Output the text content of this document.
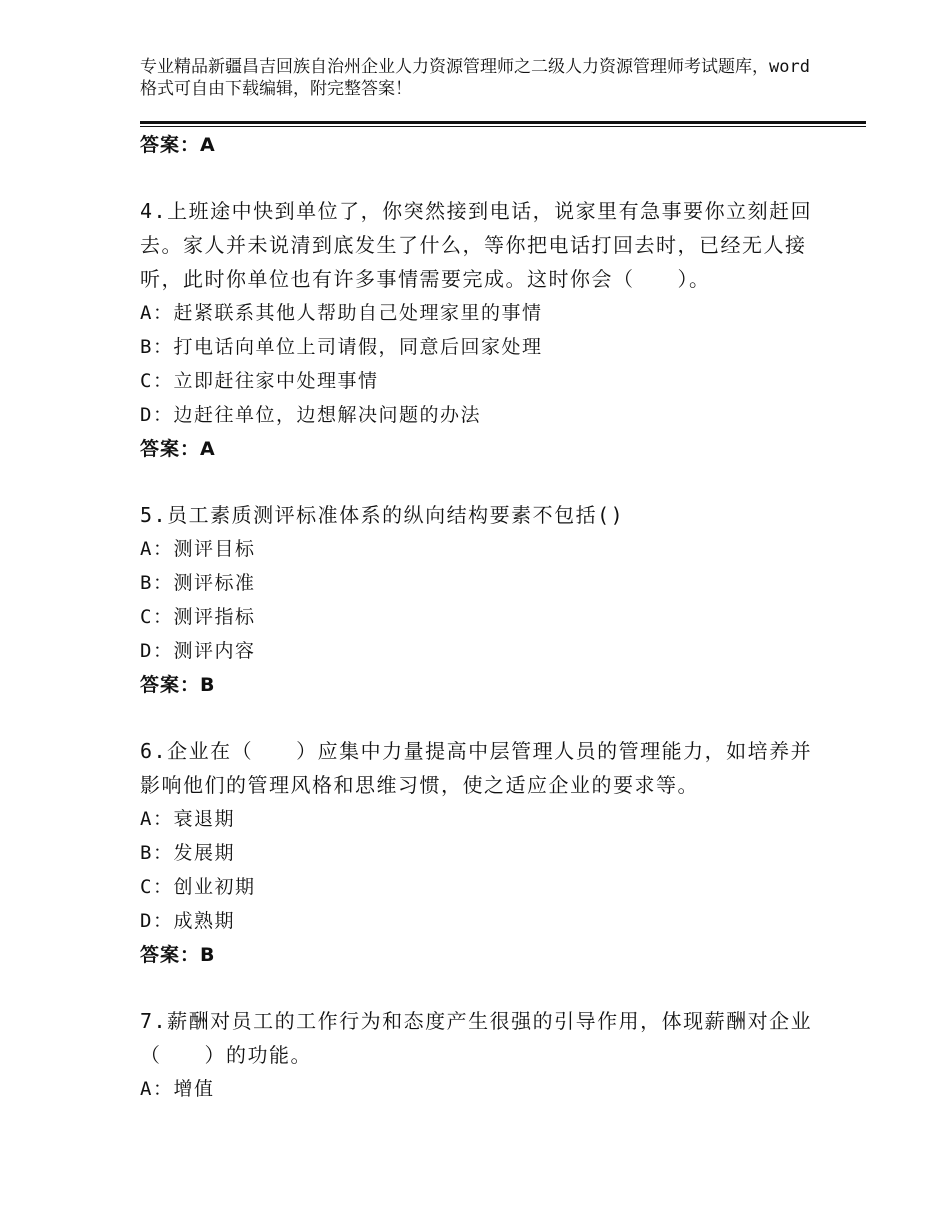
专业精品新疆昌吉回族自治州企业人力资源管理师之二级人力资源管理师考试题库，word格式可自由下载编辑，附完整答案！
答案：A
4.上班途中快到单位了，你突然接到电话，说家里有急事要你立刻赶回去。家人并未说清到底发生了什么，等你把电话打回去时，已经无人接听，此时你单位也有许多事情需要完成。这时你会（　　）。
A：赶紧联系其他人帮助自己处理家里的事情
B：打电话向单位上司请假，同意后回家处理
C：立即赶往家中处理事情
D：边赶往单位，边想解决问题的办法
答案：A
5.员工素质测评标准体系的纵向结构要素不包括()
A：测评目标
B：测评标准
C：测评指标
D：测评内容
答案：B
6.企业在（　　）应集中力量提高中层管理人员的管理能力，如培养并影响他们的管理风格和思维习惯，使之适应企业的要求等。
A：衰退期
B：发展期
C：创业初期
D：成熟期
答案：B
7.薪酬对员工的工作行为和态度产生很强的引导作用，体现薪酬对企业（　　）的功能。
A：增值
